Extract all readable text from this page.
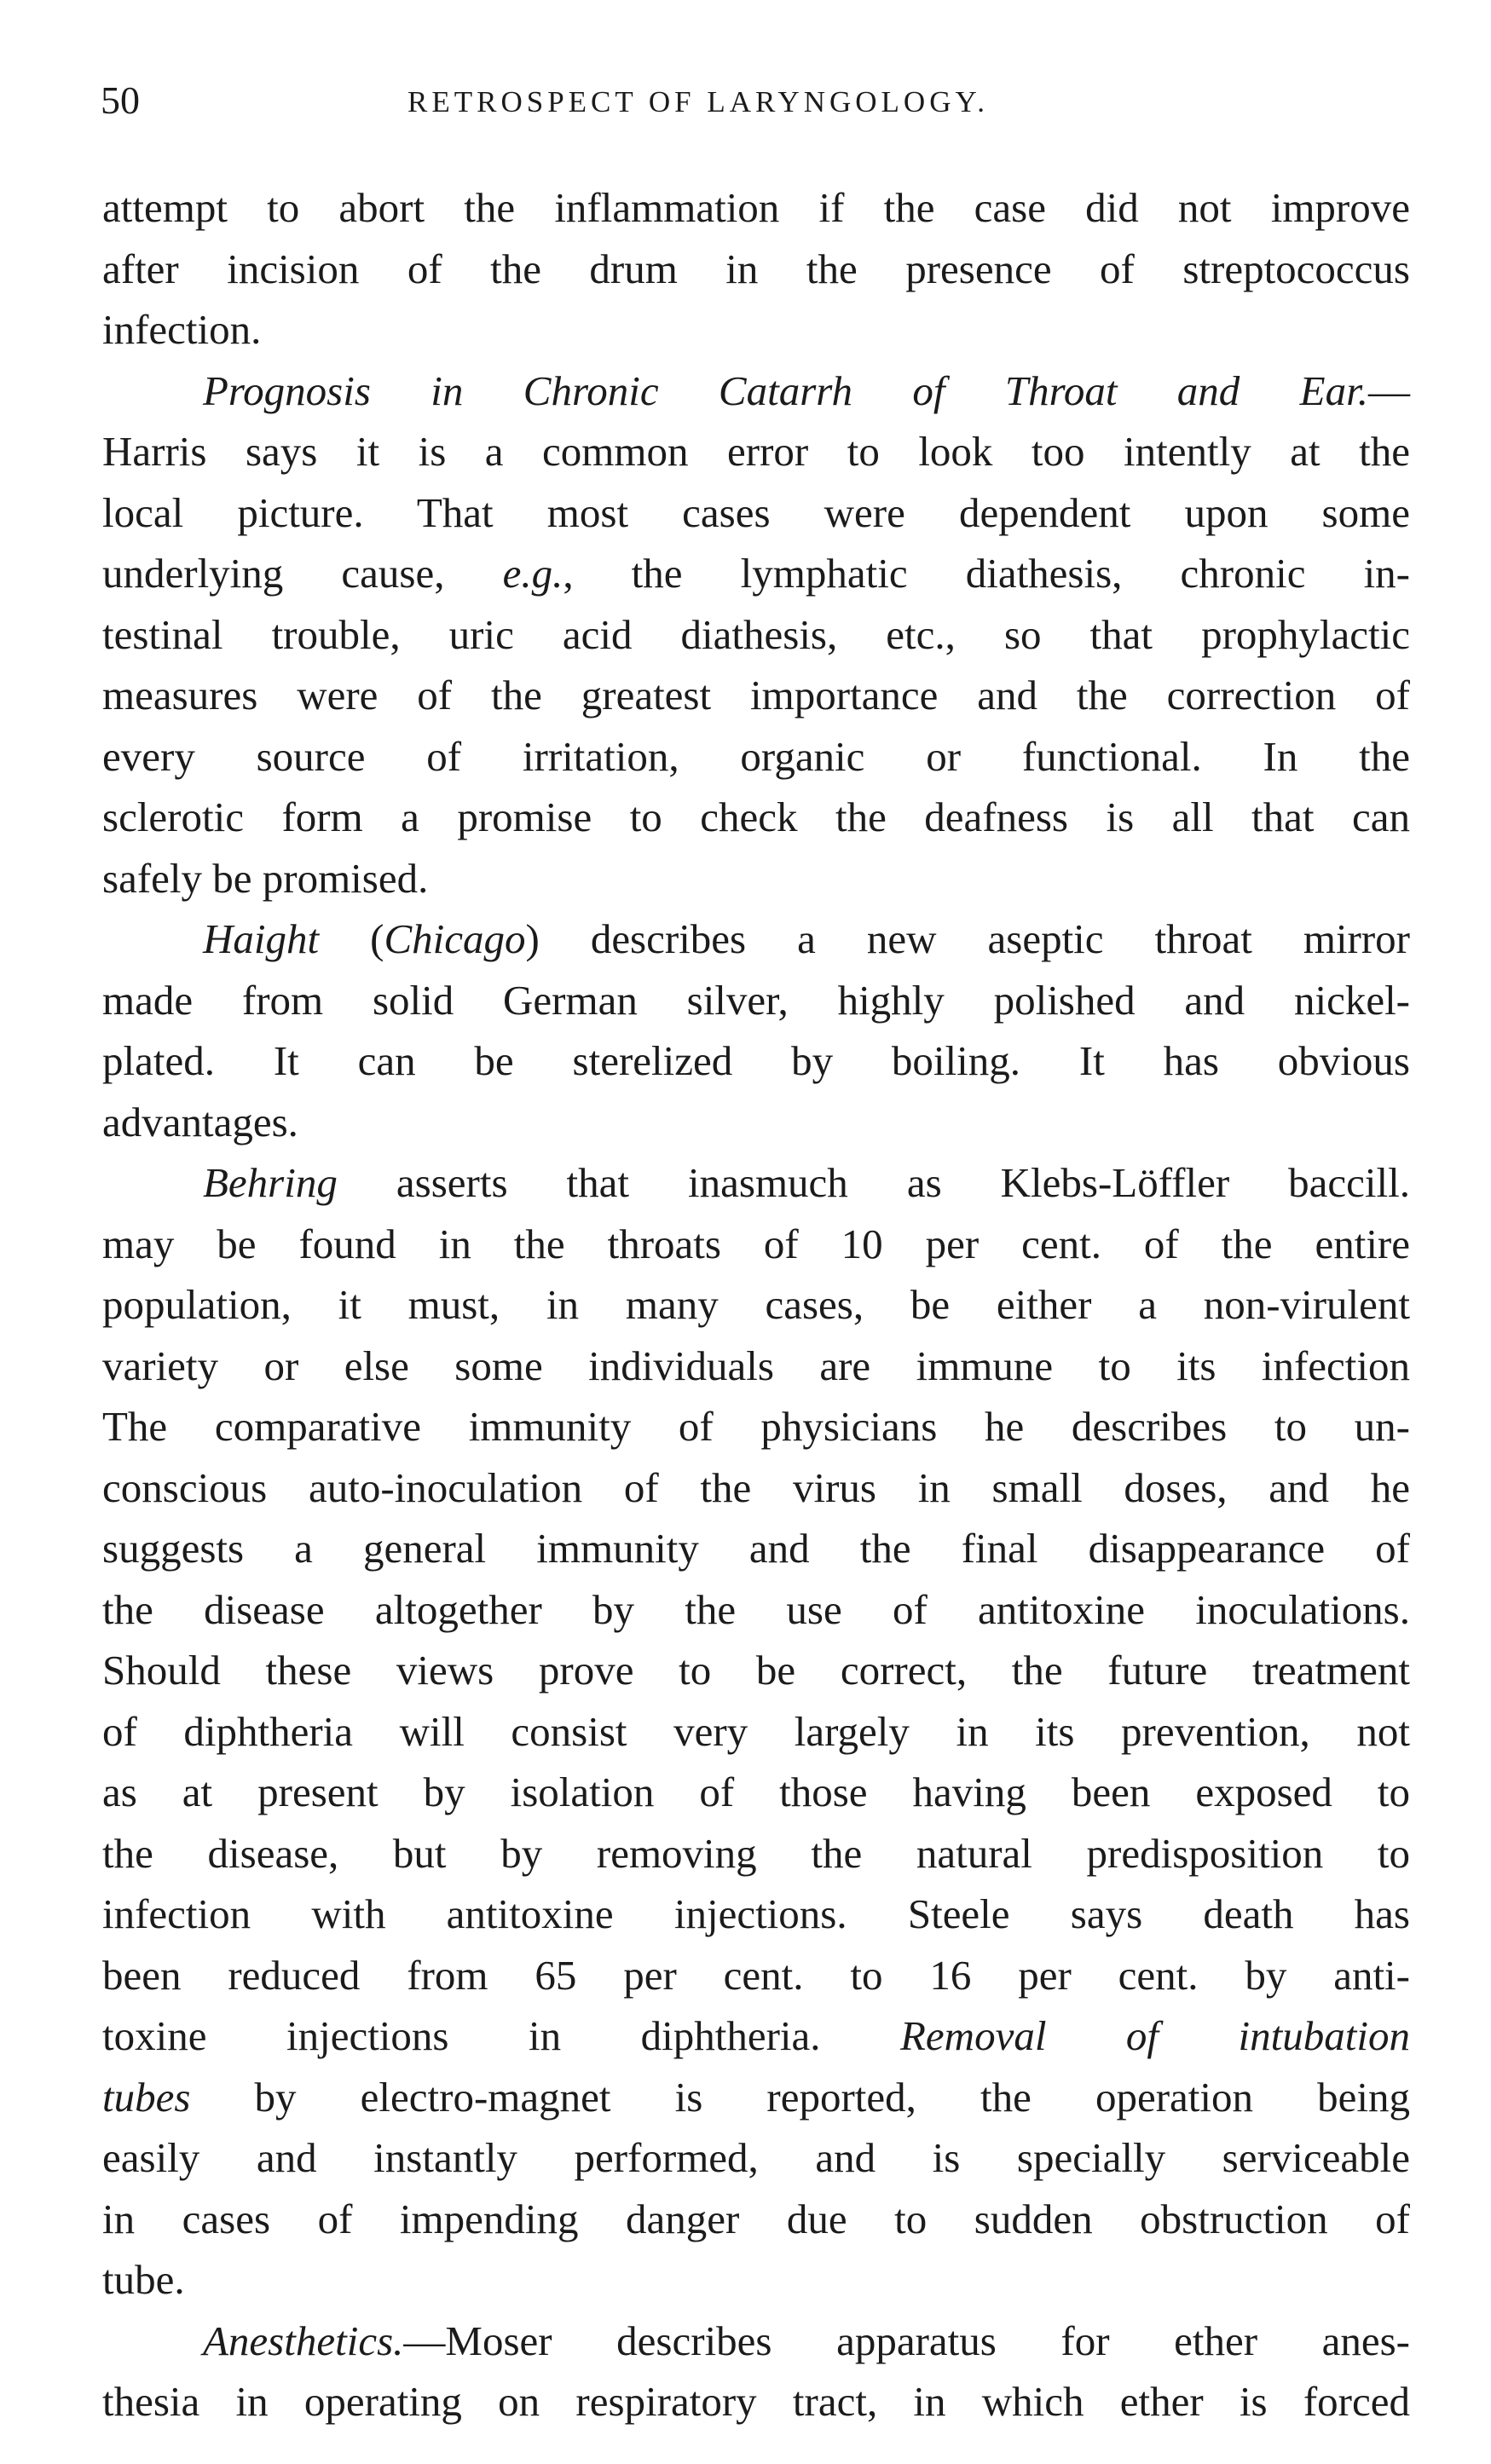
50	RETROSPECT OF LARYNGOLOGY.
attempt to abort the inflammation if the case did not improve
after incision of the drum in the presence of streptococcus
infection.
Prognosis in Chronic Catarrh of Throat and Ear.—
Harris says it is a common error to look too intently at the
local picture. That most cases were dependent upon some
underlying cause, e.g., the lymphatic diathesis, chronic in-
testinal trouble, uric acid diathesis, etc., so that prophylactic
measures were of the greatest importance and the correction of
every source of irritation, organic or functional. In the
sclerotic form a promise to check the deafness is all that can
safely be promised.
Haight (Chicago) describes a new aseptic throat mirror
made from solid German silver, highly polished and nickel-
plated. It can be sterelized by boiling. It has obvious
advantages.
Behring asserts that inasmuch as Klebs-Löffler baccill.
may be found in the throats of 10 per cent. of the entire
population, it must, in many cases, be either a non-virulent
variety or else some individuals are immune to its infection
The comparative immunity of physicians he describes to un-
conscious auto-inoculation of the virus in small doses, and he
suggests a general immunity and the final disappearance of
the disease altogether by the use of antitoxine inoculations.
Should these views prove to be correct, the future treatment
of diphtheria will consist very largely in its prevention, not
as at present by isolation of those having been exposed to
the disease, but by removing the natural predisposition to
infection with antitoxine injections. Steele says death has
been reduced from 65 per cent. to 16 per cent. by anti-
toxine injections in diphtheria. Removal of intubation
tubes by electro-magnet is reported, the operation being
easily and instantly performed, and is specially serviceable
in cases of impending danger due to sudden obstruction of
tube.
Anesthetics.—Moser describes apparatus for ether anes-
thesia in operating on respiratory tract, in which ether is forced
